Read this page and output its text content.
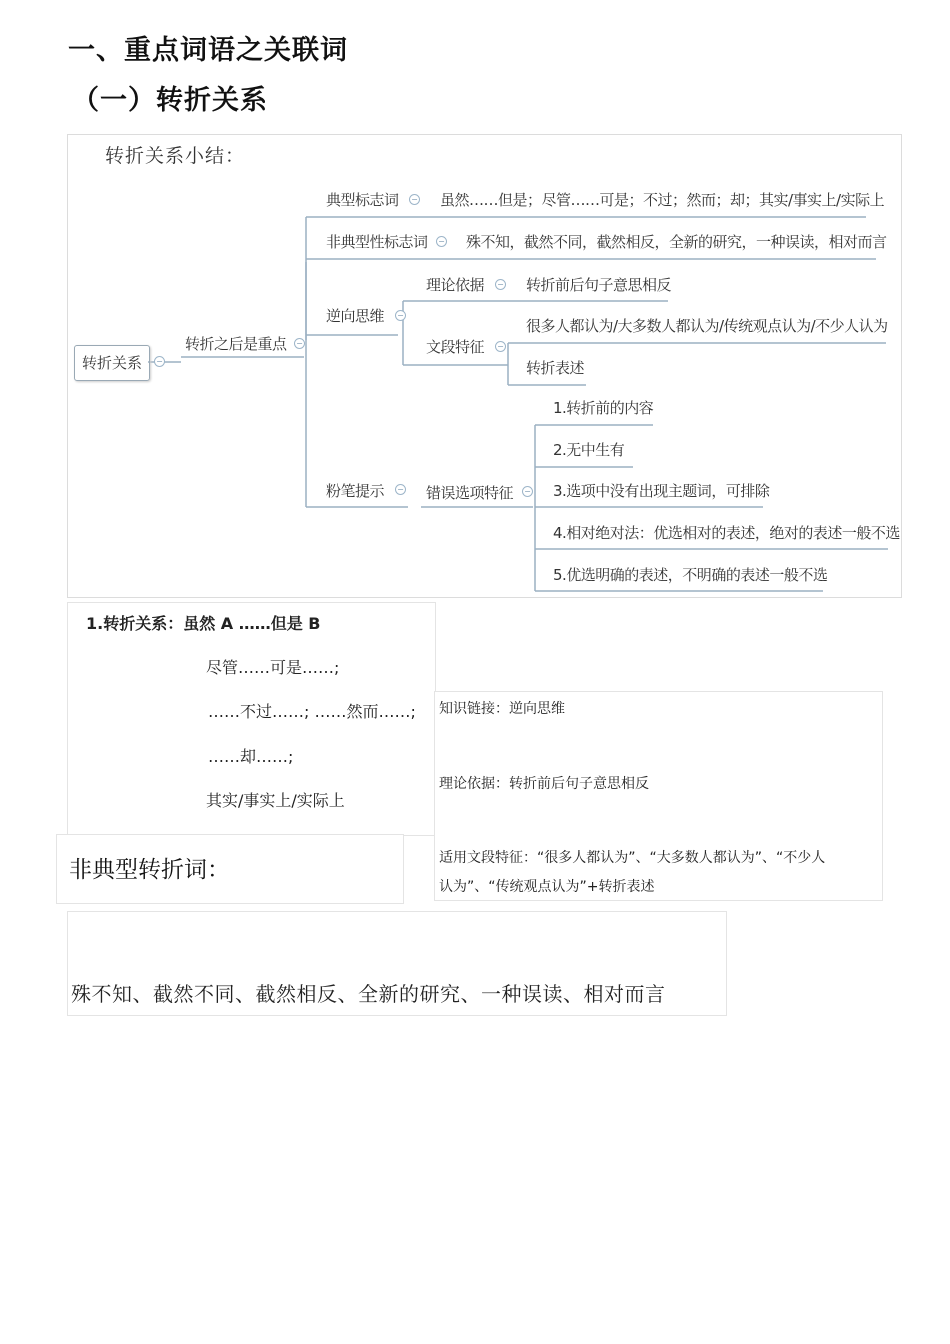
一、重点词语之关联词
（一）转折关系
转折关系小结：
转折关系	−
转折之后是重点 −
典型标志词 − 虽然……但是；尽管……可是；不过；然而；却；其实/事实上/实际上
非典型性标志词 − 殊不知，截然不同，截然相反，全新的研究，一种误读，相对而言
逆向思维 −
理论依据 − 转折前后句子意思相反
文段特征 −
很多人都认为/大多数人都认为/传统观点认为/不少人认为
转折表述
粉笔提示 − 错误选项特征 −
1.转折前的内容
2.无中生有
3.选项中没有出现主题词，可排除
4.相对绝对法：优选相对的表述，绝对的表述一般不选
5.优选明确的表述，不明确的表述一般不选
1.转折关系：虽然 A ……但是 B
尽管……可是……;
……不过……; ……然而……;
……却……;
其实/事实上/实际上
非典型转折词：
知识链接：逆向思维
理论依据：转折前后句子意思相反
适用文段特征：“很多人都认为”、“大多数人都认为”、“不少人
认为”、“传统观点认为”+转折表述
殊不知、截然不同、截然相反、全新的研究、一种误读、相对而言
